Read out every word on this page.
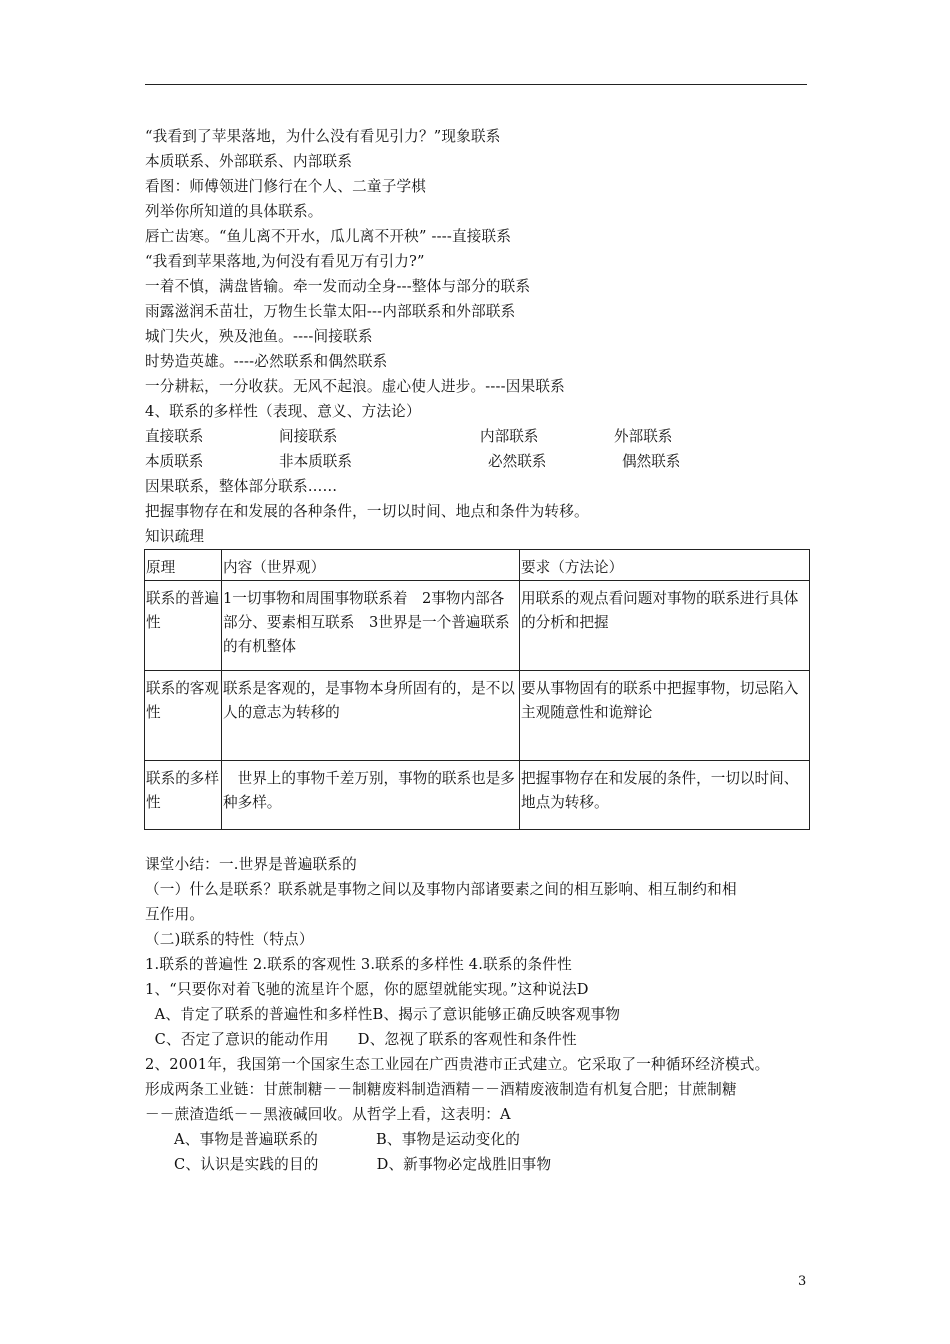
“我看到了苹果落地，为什么没有看见引力？”现象联系
本质联系、外部联系、内部联系
看图：师傅领进门修行在个人、二童子学棋
列举你所知道的具体联系。
唇亡齿寒。“鱼儿离不开水，瓜儿离不开秧” ----直接联系
“我看到苹果落地,为何没有看见万有引力?”
一着不慎，满盘皆输。牵一发而动全身---整体与部分的联系
雨露滋润禾苗壮，万物生长靠太阳---内部联系和外部联系
城门失火，殃及池鱼。----间接联系
时势造英雄。----必然联系和偶然联系
一分耕耘，一分收获。无风不起浪。虚心使人进步。----因果联系
4、联系的多样性（表现、意义、方法论）
直接联系	间接联系	内部联系	外部联系
本质联系	非本质联系	必然联系	偶然联系
因果联系，整体部分联系……
把握事物存在和发展的各种条件，一切以时间、地点和条件为转移。
知识疏理
原理	内容（世界观）	要求（方法论）
联系的普遍性	1一切事物和周围事物联系着　2事物内部各部分、要素相互联系　3世界是一个普遍联系的有机整体	用联系的观点看问题对事物的联系进行具体的分析和把握
联系的客观性	联系是客观的，是事物本身所固有的，是不以人的意志为转移的	要从事物固有的联系中把握事物，切忌陷入主观随意性和诡辩论
联系的多样性	　世界上的事物千差万别，事物的联系也是多种多样。	把握事物存在和发展的条件，一切以时间、地点为转移。
课堂小结：一.世界是普遍联系的
（一）什么是联系？联系就是事物之间以及事物内部诸要素之间的相互影响、相互制约和相
互作用。
（二)联系的特性（特点）
1.联系的普遍性 2.联系的客观性 3.联系的多样性 4.联系的条件性
1、“只要你对着飞驰的流星许个愿，你的愿望就能实现。”这种说法D
A、肯定了联系的普遍性和多样性B、揭示了意识能够正确反映客观事物
C、否定了意识的能动作用      D、忽视了联系的客观性和条件性
2、2001年，我国第一个国家生态工业园在广西贵港市正式建立。它采取了一种循环经济模式。
形成两条工业链：甘蔗制糖－－制糖废料制造酒精－－酒精废液制造有机复合肥；甘蔗制糖
－－蔗渣造纸－－黑液碱回收。从哲学上看，这表明：A
A、事物是普遍联系的            B、事物是运动变化的
C、认识是实践的目的            D、新事物必定战胜旧事物
3
